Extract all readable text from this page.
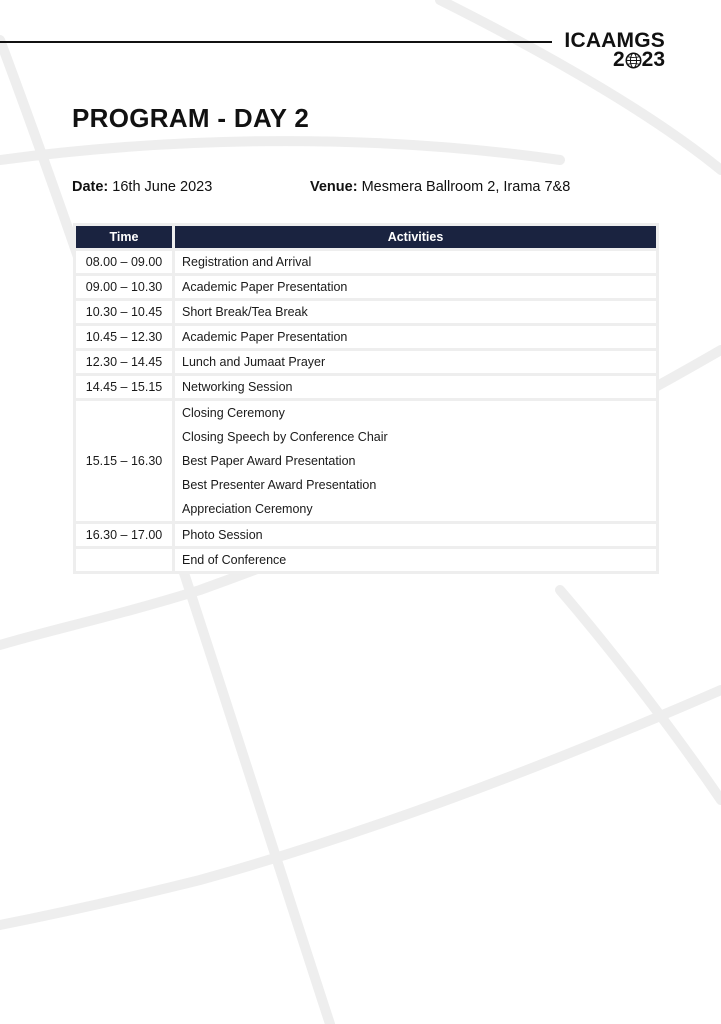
ICAAMGS
2 23
PROGRAM - DAY 2
Date: 16th June 2023	Venue: Mesmera Ballroom 2, Irama 7&8
Time	Activities
08.00 – 09.00	Registration and Arrival
09.00 – 10.30	Academic Paper Presentation
10.30 – 10.45	Short Break/Tea Break
10.45 – 12.30	Academic Paper Presentation
12.30 – 14.45	Lunch and Jumaat Prayer
14.45 – 15.15	Networking Session
15.15 – 16.30	Closing Ceremony
Closing Speech by Conference Chair
Best Paper Award Presentation
Best Presenter Award Presentation
Appreciation Ceremony

16.30 – 17.00	Photo Session
	End of Conference
